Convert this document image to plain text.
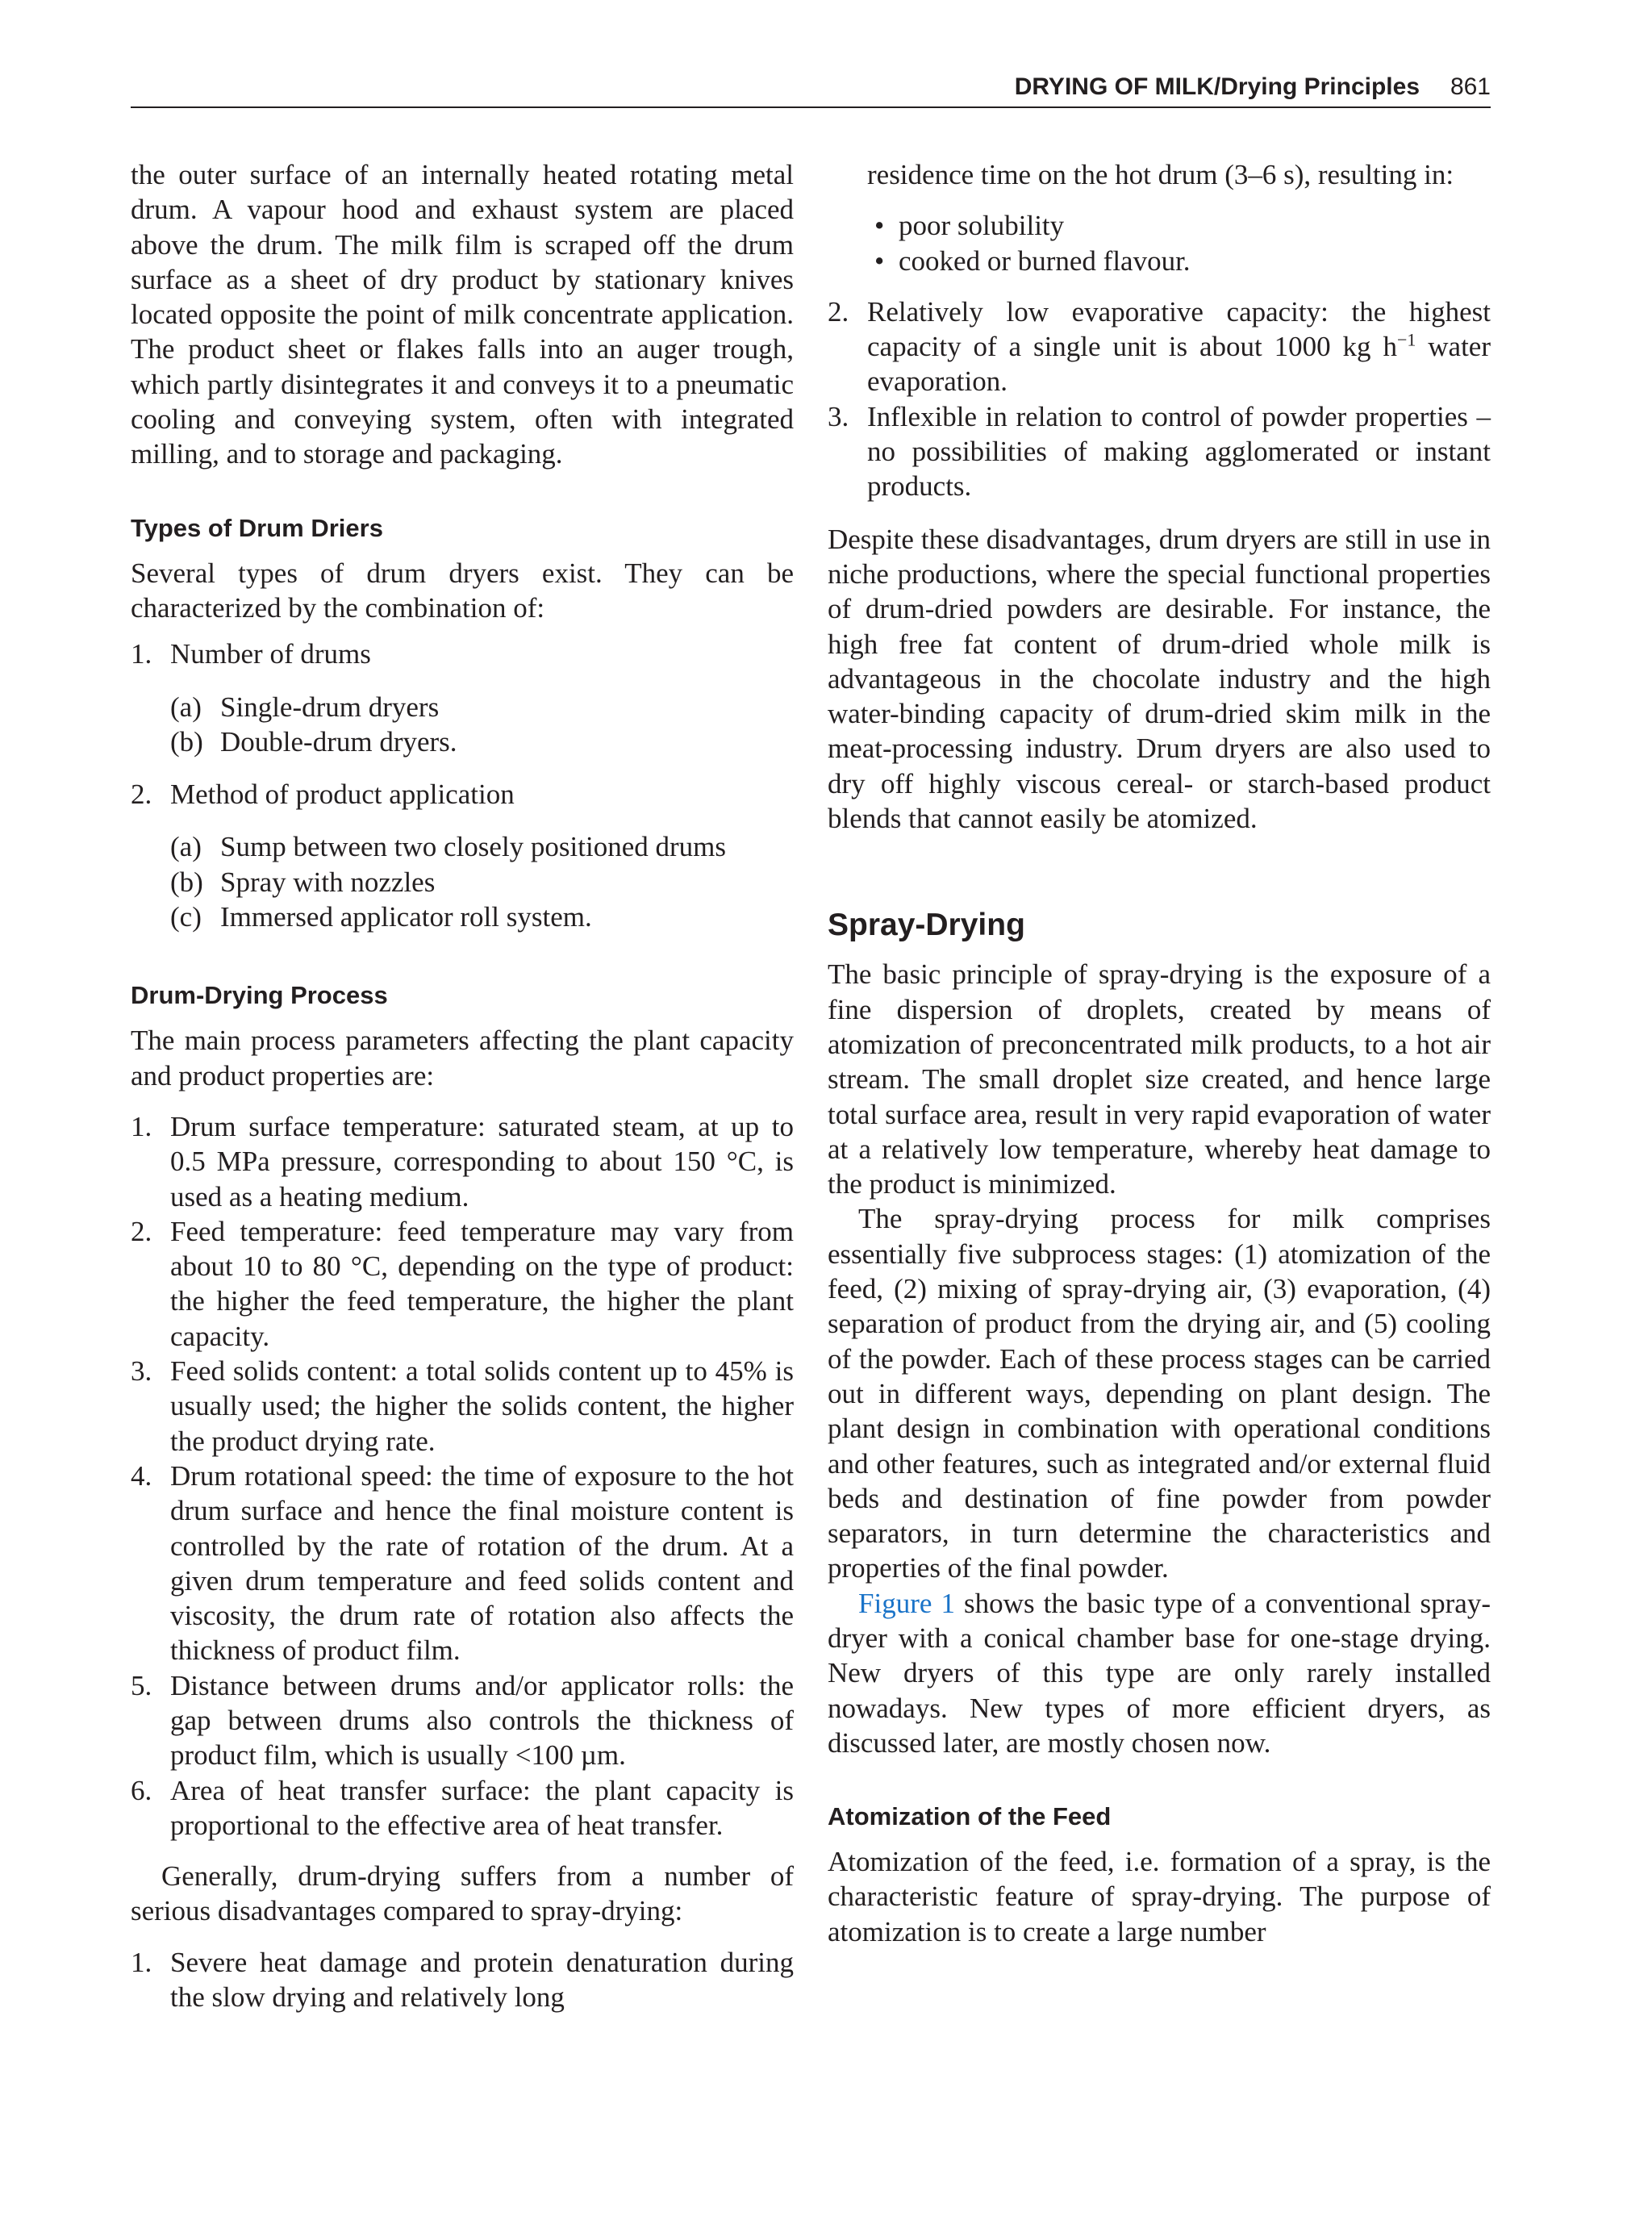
DRYING OF MILK/Drying Principles 861

the outer surface of an internally heated rotating metal drum. A vapour hood and exhaust system are placed above the drum. The milk film is scraped off the drum surface as a sheet of dry product by stationary knives located opposite the point of milk concentrate application. The product sheet or flakes falls into an auger trough, which partly disintegrates it and conveys it to a pneumatic cooling and conveying system, often with integrated milling, and to storage and packaging.

Types of Drum Driers

Several types of drum dryers exist. They can be characterized by the combination of:

1. Number of drums
(a) Single-drum dryers
(b) Double-drum dryers.
2. Method of product application
(a) Sump between two closely positioned drums
(b) Spray with nozzles
(c) Immersed applicator roll system.
Drum-Drying Process

The main process parameters affecting the plant capacity and product properties are:

1. Drum surface temperature: saturated steam, at up to 0.5 MPa pressure, corresponding to about 150 °C, is used as a heating medium.
2. Feed temperature: feed temperature may vary from about 10 to 80 °C, depending on the type of product: the higher the feed temperature, the higher the plant capacity.
3. Feed solids content: a total solids content up to 45% is usually used; the higher the solids content, the higher the product drying rate.
4. Drum rotational speed: the time of exposure to the hot drum surface and hence the final moisture content is controlled by the rate of rotation of the drum. At a given drum temperature and feed solids content and viscosity, the drum rate of rotation also affects the thickness of product film.
5. Distance between drums and/or applicator rolls: the gap between drums also controls the thickness of product film, which is usually <100 µm.
6. Area of heat transfer surface: the plant capacity is proportional to the effective area of heat transfer.

Generally, drum-drying suffers from a number of serious disadvantages compared to spray-drying:

1. Severe heat damage and protein denaturation during the slow drying and relatively long

residence time on the hot drum (3–6 s), resulting in:

• poor solubility
• cooked or burned flavour.
2. Relatively low evaporative capacity: the highest capacity of a single unit is about 1000 kg $h^{-1}$ water evaporation.
3. Inflexible in relation to control of powder properties – no possibilities of making agglomerated or instant products.

Despite these disadvantages, drum dryers are still in use in niche productions, where the special functional properties of drum-dried powders are desirable. For instance, the high free fat content of drum-dried whole milk is advantageous in the chocolate industry and the high water-binding capacity of drum-dried skim milk in the meat-processing industry. Drum dryers are also used to dry off highly viscous cereal- or starch-based product blends that cannot easily be atomized.

Spray-Drying

The basic principle of spray-drying is the exposure of a fine dispersion of droplets, created by means of atomization of preconcentrated milk products, to a hot air stream. The small droplet size created, and hence large total surface area, result in very rapid evaporation of water at a relatively low temperature, whereby heat damage to the product is minimized.

The spray-drying process for milk comprises essentially five subprocess stages: (1) atomization of the feed, (2) mixing of spray-drying air, (3) evaporation, (4) separation of product from the drying air, and (5) cooling of the powder. Each of these process stages can be carried out in different ways, depending on plant design. The plant design in combination with operational conditions and other features, such as integrated and/or external fluid beds and destination of fine powder from powder separators, in turn determine the characteristics and properties of the final powder.

Figure 1 shows the basic type of a conventional spray-dryer with a conical chamber base for one-stage drying. New dryers of this type are only rarely installed nowadays. New types of more efficient dryers, as discussed later, are mostly chosen now.

Atomization of the Feed

Atomization of the feed, i.e. formation of a spray, is the characteristic feature of spray-drying. The purpose of atomization is to create a large number
